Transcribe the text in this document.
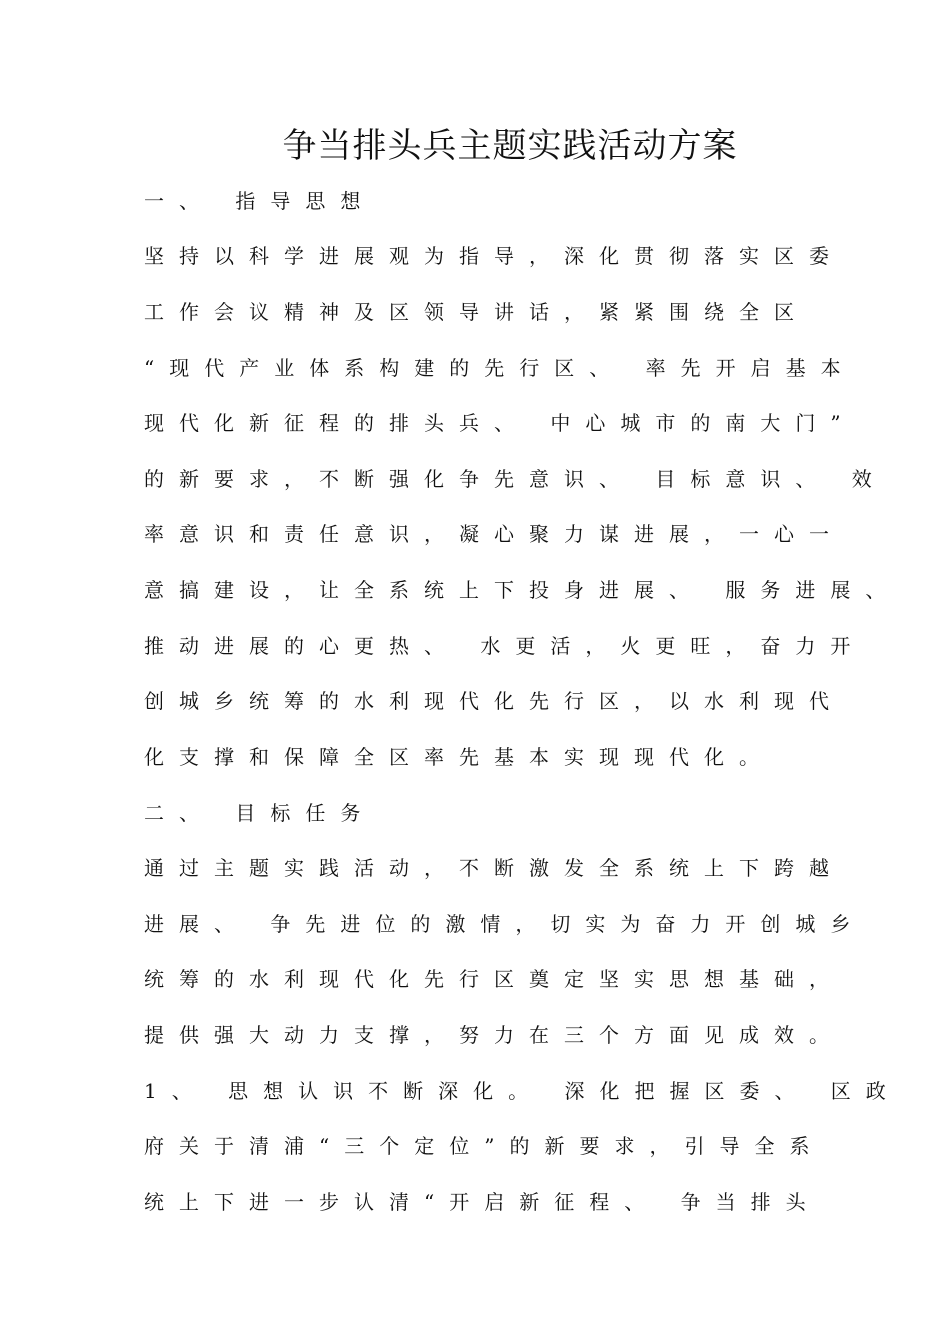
争当排头兵主题实践活动方案
一、 指导思想
坚持以科学进展观为指导，深化贯彻落实区委
工作会议精神及区领导讲话，紧紧围绕全区
“现代产业体系构建的先行区、 率先开启基本
现代化新征程的排头兵、 中心城市的南大门”
的新要求，不断强化争先意识、 目标意识、 效
率意识和责任意识，凝心聚力谋进展，一心一
意搞建设，让全系统上下投身进展、 服务进展、
推动进展的心更热、 水更活，火更旺，奋力开
创城乡统筹的水利现代化先行区，以水利现代
化支撑和保障全区率先基本实现现代化。
二、 目标任务
通过主题实践活动，不断激发全系统上下跨越
进展、 争先进位的激情，切实为奋力开创城乡
统筹的水利现代化先行区奠定坚实思想基础，
提供强大动力支撑，努力在三个方面见成效。
1、 思想认识不断深化。 深化把握区委、 区政
府关于清浦“三个定位”的新要求，引导全系
统上下进一步认清“开启新征程、 争当排头
